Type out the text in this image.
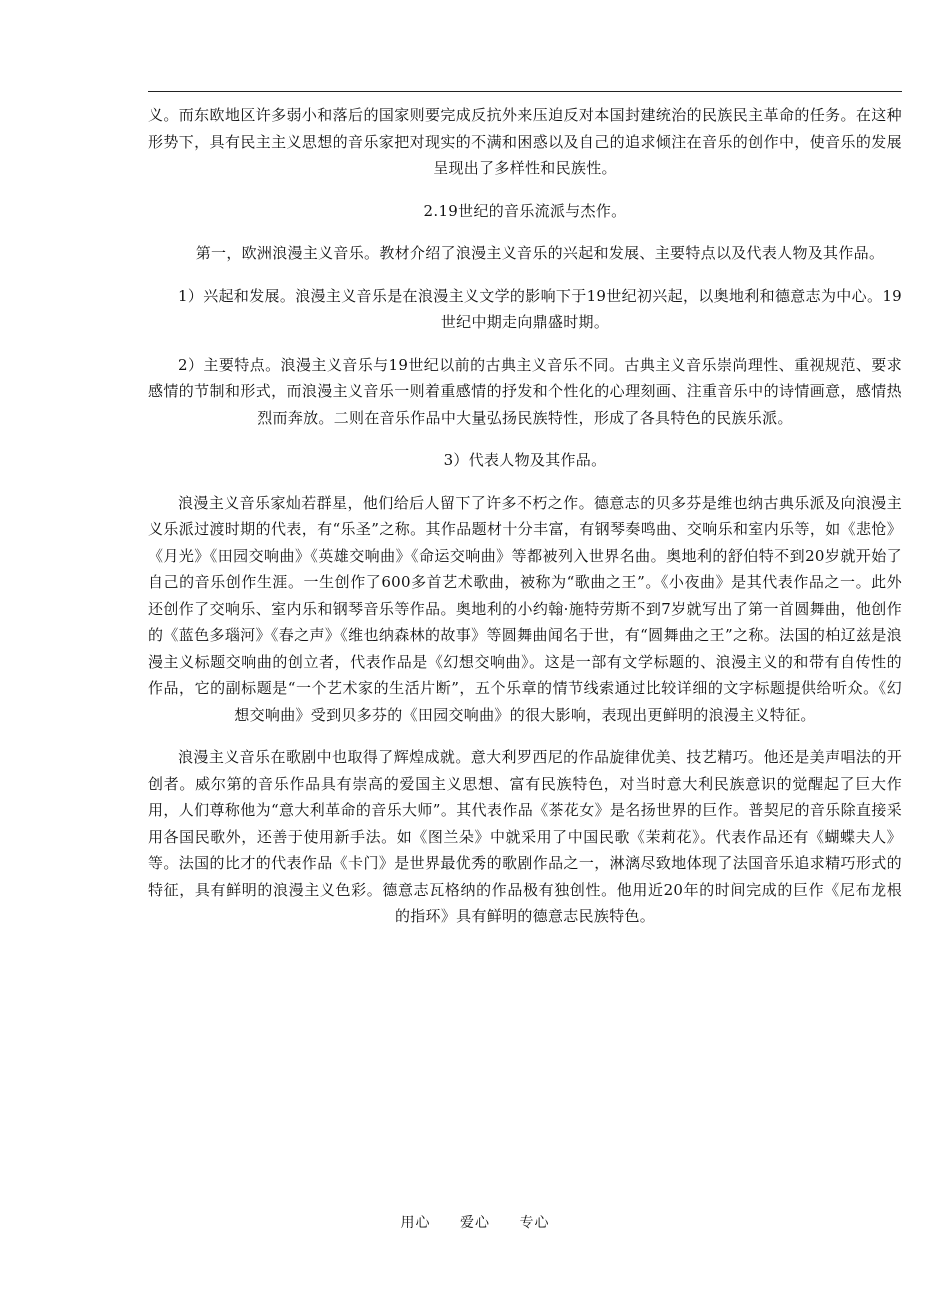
义。而东欧地区许多弱小和落后的国家则要完成反抗外来压迫反对本国封建统治的民族民主革命的任务。在这种形势下，具有民主主义思想的音乐家把对现实的不满和困惑以及自己的追求倾注在音乐的创作中，使音乐的发展呈现出了多样性和民族性。

2.19世纪的音乐流派与杰作。

第一，欧洲浪漫主义音乐。教材介绍了浪漫主义音乐的兴起和发展、主要特点以及代表人物及其作品。

1）兴起和发展。浪漫主义音乐是在浪漫主义文学的影响下于19世纪初兴起，以奥地利和德意志为中心。19世纪中期走向鼎盛时期。

2）主要特点。浪漫主义音乐与19世纪以前的古典主义音乐不同。古典主义音乐崇尚理性、重视规范、要求感情的节制和形式，而浪漫主义音乐一则着重感情的抒发和个性化的心理刻画、注重音乐中的诗情画意，感情热烈而奔放。二则在音乐作品中大量弘扬民族特性，形成了各具特色的民族乐派。

3）代表人物及其作品。

浪漫主义音乐家灿若群星，他们给后人留下了许多不朽之作。德意志的贝多芬是维也纳古典乐派及向浪漫主义乐派过渡时期的代表，有“乐圣”之称。其作品题材十分丰富，有钢琴奏鸣曲、交响乐和室内乐等，如《悲怆》《月光》《田园交响曲》《英雄交响曲》《命运交响曲》等都被列入世界名曲。奥地利的舒伯特不到20岁就开始了自己的音乐创作生涯。一生创作了600多首艺术歌曲，被称为“歌曲之王”。《小夜曲》是其代表作品之一。此外还创作了交响乐、室内乐和钢琴音乐等作品。奥地利的小约翰·施特劳斯不到7岁就写出了第一首圆舞曲，他创作的《蓝色多瑙河》《春之声》《维也纳森林的故事》等圆舞曲闻名于世，有“圆舞曲之王”之称。法国的柏辽兹是浪漫主义标题交响曲的创立者，代表作品是《幻想交响曲》。这是一部有文学标题的、浪漫主义的和带有自传性的作品，它的副标题是“一个艺术家的生活片断”，五个乐章的情节线索通过比较详细的文字标题提供给听众。《幻想交响曲》受到贝多芬的《田园交响曲》的很大影响，表现出更鲜明的浪漫主义特征。

浪漫主义音乐在歌剧中也取得了辉煌成就。意大利罗西尼的作品旋律优美、技艺精巧。他还是美声唱法的开创者。威尔第的音乐作品具有崇高的爱国主义思想、富有民族特色，对当时意大利民族意识的觉醒起了巨大作用，人们尊称他为“意大利革命的音乐大师”。其代表作品《茶花女》是名扬世界的巨作。普契尼的音乐除直接采用各国民歌外，还善于使用新手法。如《图兰朵》中就采用了中国民歌《茉莉花》。代表作品还有《蝴蝶夫人》等。法国的比才的代表作品《卡门》是世界最优秀的歌剧作品之一，淋漓尽致地体现了法国音乐追求精巧形式的特征，具有鲜明的浪漫主义色彩。德意志瓦格纳的作品极有独创性。他用近20年的时间完成的巨作《尼布龙根的指环》具有鲜明的德意志民族特色。

用心 爱心 专心
